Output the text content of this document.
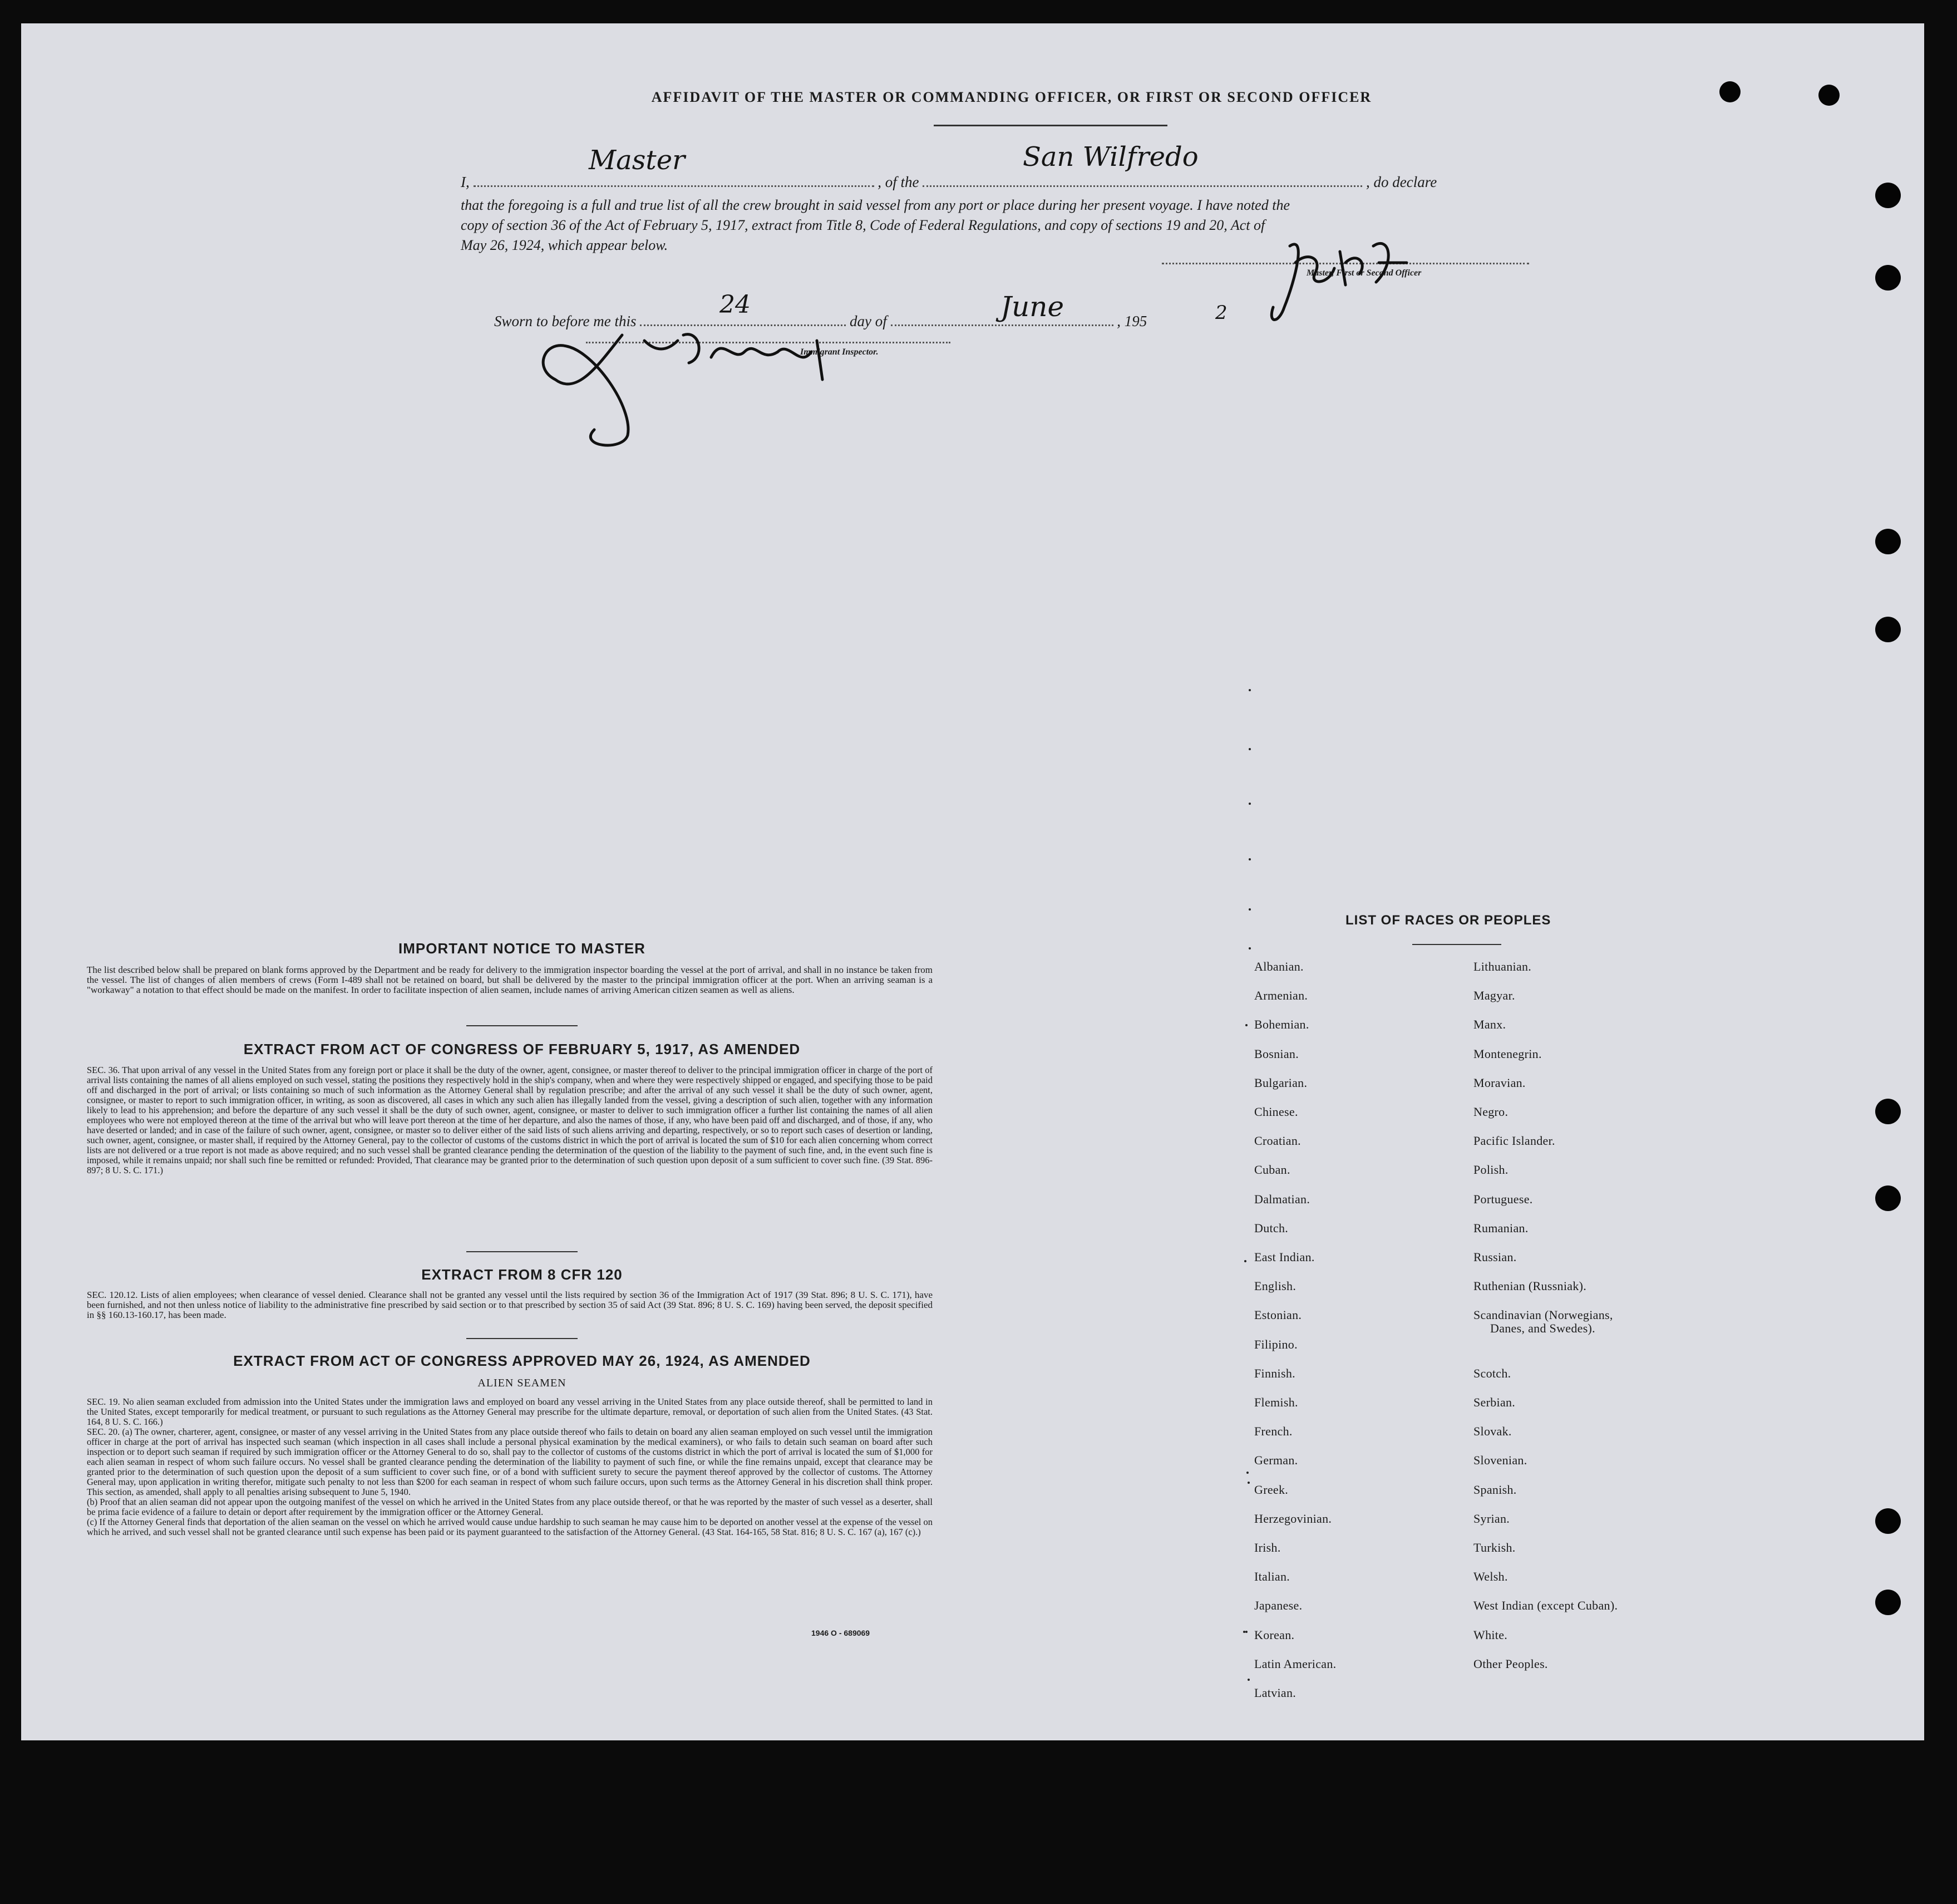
AFFIDAVIT OF THE MASTER OR COMMANDING OFFICER, OR FIRST OR SECOND OFFICER
I,	, of the	, do declare
that the foregoing is a full and true list of all the crew brought in said vessel from any port or place during her present voyage. I have noted the
copy of section 36 of the Act of February 5, 1917, extract from Title 8, Code of Federal Regulations, and copy of sections 19 and 20, Act of
May 26, 1924, which appear below.
Master	San Wilfredo
Sworn to before me this	day of	, 195
24	June	2
Master, First or Second Officer
Immigrant Inspector.
IMPORTANT NOTICE TO MASTER
The list described below shall be prepared on blank forms approved by the Department and be ready for delivery to the immigration inspector boarding the vessel at the port of arrival, and shall in no instance be taken from the vessel. The list of changes of alien members of crews (Form I-489 shall not be retained on board, but shall be delivered by the master to the principal immigration officer at the port. When an arriving seaman is a "workaway" a notation to that effect should be made on the manifest. In order to facilitate inspection of alien seamen, include names of arriving American citizen seamen as well as aliens.
EXTRACT FROM ACT OF CONGRESS OF FEBRUARY 5, 1917, AS AMENDED
SEC. 36. That upon arrival of any vessel in the United States from any foreign port or place it shall be the duty of the owner, agent, consignee, or master thereof to deliver to the principal immigration officer in charge of the port of arrival lists containing the names of all aliens employed on such vessel, stating the positions they respectively hold in the ship's company, when and where they were respectively shipped or engaged, and specifying those to be paid off and discharged in the port of arrival; or lists containing so much of such information as the Attorney General shall by regulation prescribe; and after the arrival of any such vessel it shall be the duty of such owner, agent, consignee, or master to report to such immigration officer, in writing, as soon as discovered, all cases in which any such alien has illegally landed from the vessel, giving a description of such alien, together with any information likely to lead to his apprehension; and before the departure of any such vessel it shall be the duty of such owner, agent, consignee, or master to deliver to such immigration officer a further list containing the names of all alien employees who were not employed thereon at the time of the arrival but who will leave port thereon at the time of her departure, and also the names of those, if any, who have been paid off and discharged, and of those, if any, who have deserted or landed; and in case of the failure of such owner, agent, consignee, or master so to deliver either of the said lists of such aliens arriving and departing, respectively, or so to report such cases of desertion or landing, such owner, agent, consignee, or master shall, if required by the Attorney General, pay to the collector of customs of the customs district in which the port of arrival is located the sum of $10 for each alien concerning whom correct lists are not delivered or a true report is not made as above required; and no such vessel shall be granted clearance pending the determination of the question of the liability to the payment of such fine, and, in the event such fine is imposed, while it remains unpaid; nor shall such fine be remitted or refunded: Provided, That clearance may be granted prior to the determination of such question upon deposit of a sum sufficient to cover such fine. (39 Stat. 896-897; 8 U. S. C. 171.)
EXTRACT FROM 8 CFR 120
SEC. 120.12. Lists of alien employees; when clearance of vessel denied. Clearance shall not be granted any vessel until the lists required by section 36 of the Immigration Act of 1917 (39 Stat. 896; 8 U. S. C. 171), have been furnished, and not then unless notice of liability to the administrative fine prescribed by said section or to that prescribed by section 35 of said Act (39 Stat. 896; 8 U. S. C. 169) having been served, the deposit specified in §§ 160.13-160.17, has been made.
EXTRACT FROM ACT OF CONGRESS APPROVED MAY 26, 1924, AS AMENDED
ALIEN SEAMEN
SEC. 19. No alien seaman excluded from admission into the United States under the immigration laws and employed on board any vessel arriving in the United States from any place outside thereof, shall be permitted to land in the United States, except temporarily for medical treatment, or pursuant to such regulations as the Attorney General may prescribe for the ultimate departure, removal, or deportation of such alien from the United States. (43 Stat. 164, 8 U. S. C. 166.)
SEC. 20. (a) The owner, charterer, agent, consignee, or master of any vessel arriving in the United States from any place outside thereof who fails to detain on board any alien seaman employed on such vessel until the immigration officer in charge at the port of arrival has inspected such seaman (which inspection in all cases shall include a personal physical examination by the medical examiners), or who fails to detain such seaman on board after such inspection or to deport such seaman if required by such immigration officer or the Attorney General to do so, shall pay to the collector of customs of the customs district in which the port of arrival is located the sum of $1,000 for each alien seaman in respect of whom such failure occurs. No vessel shall be granted clearance pending the determination of the liability to payment of such fine, or while the fine remains unpaid, except that clearance may be granted prior to the determination of such question upon the deposit of a sum sufficient to cover such fine, or of a bond with sufficient surety to secure the payment thereof approved by the collector of customs. The Attorney General may, upon application in writing therefor, mitigate such penalty to not less than $200 for each seaman in respect of whom such failure occurs, upon such terms as the Attorney General in his discretion shall think proper. This section, as amended, shall apply to all penalties arising subsequent to June 5, 1940.
(b) Proof that an alien seaman did not appear upon the outgoing manifest of the vessel on which he arrived in the United States from any place outside thereof, or that he was reported by the master of such vessel as a deserter, shall be prima facie evidence of a failure to detain or deport after requirement by the immigration officer or the Attorney General.
(c) If the Attorney General finds that deportation of the alien seaman on the vessel on which he arrived would cause undue hardship to such seaman he may cause him to be deported on another vessel at the expense of the vessel on which he arrived, and such vessel shall not be granted clearance until such expense has been paid or its payment guaranteed to the satisfaction of the Attorney General. (43 Stat. 164-165, 58 Stat. 816; 8 U. S. C. 167 (a), 167 (c).)
1946 O - 689069
LIST OF RACES OR PEOPLES
Albanian.
Armenian.
Bohemian.
Bosnian.
Bulgarian.
Chinese.
Croatian.
Cuban.
Dalmatian.
Dutch.
East Indian.
English.
Estonian.
Filipino.
Finnish.
Flemish.
French.
German.
Greek.
Herzegovinian.
Irish.
Italian.
Japanese.
Korean.
Latin American.
Latvian.
Lithuanian.
Magyar.
Manx.
Montenegrin.
Moravian.
Negro.
Pacific Islander.
Polish.
Portuguese.
Rumanian.
Russian.
Ruthenian (Russniak).
Scandinavian (Norwegians,
Scotch.
Serbian.
Slovak.
Slovenian.
Spanish.
Syrian.
Turkish.
Welsh.
West Indian (except Cuban).
White.
Other Peoples.
Danes, and Swedes).
